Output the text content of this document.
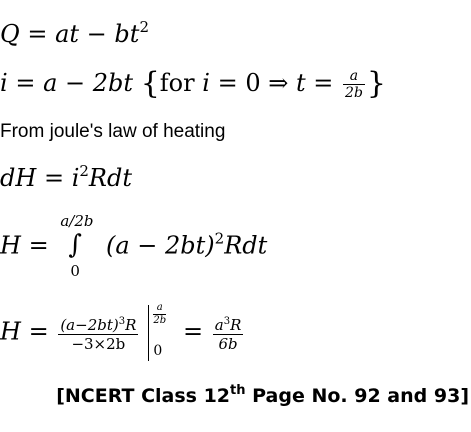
Q = at − $bt^2$
i = a − 2bt {for i = 0 ⇒ $t = \frac{a}{2b}$ }
From joule's law of heating
dH = $i^2Rdt$
H =
a/2b
∫
0
$(a - 2bt)^2Rdt$
$H = \frac{(a-2bt)^3R}{-3\times 2b}$
a
2b
0
= $\frac{a^3R}{6b}$
[NCERT Class 12th Page No. 92 and 93]
